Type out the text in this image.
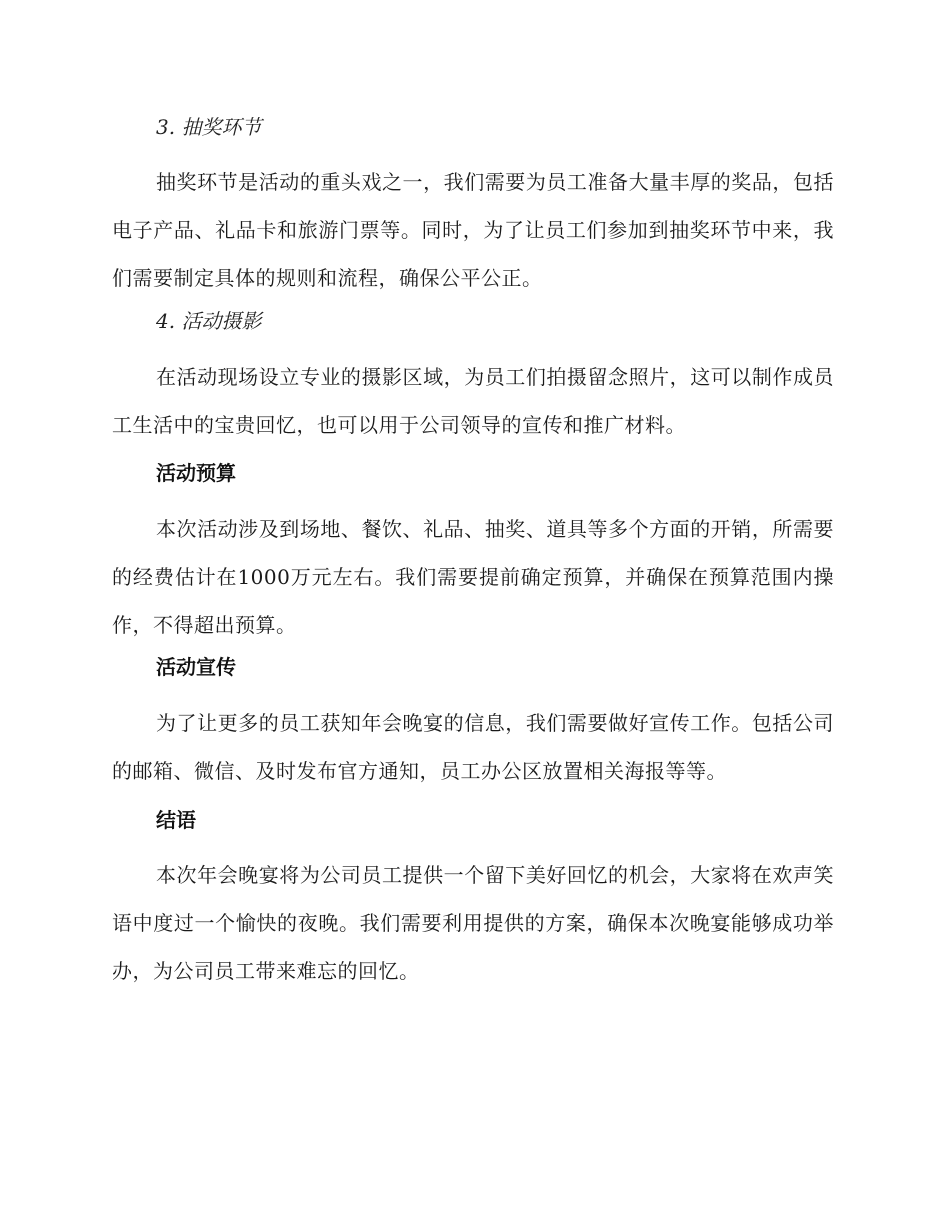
3. 抽奖环节
抽奖环节是活动的重头戏之一，我们需要为员工准备大量丰厚的奖品，包括电子产品、礼品卡和旅游门票等。同时，为了让员工们参加到抽奖环节中来，我们需要制定具体的规则和流程，确保公平公正。
4. 活动摄影
在活动现场设立专业的摄影区域，为员工们拍摄留念照片，这可以制作成员工生活中的宝贵回忆，也可以用于公司领导的宣传和推广材料。
活动预算
本次活动涉及到场地、餐饮、礼品、抽奖、道具等多个方面的开销，所需要的经费估计在1000万元左右。我们需要提前确定预算，并确保在预算范围内操作，不得超出预算。
活动宣传
为了让更多的员工获知年会晚宴的信息，我们需要做好宣传工作。包括公司的邮箱、微信、及时发布官方通知，员工办公区放置相关海报等等。
结语
本次年会晚宴将为公司员工提供一个留下美好回忆的机会，大家将在欢声笑语中度过一个愉快的夜晚。我们需要利用提供的方案，确保本次晚宴能够成功举办，为公司员工带来难忘的回忆。
